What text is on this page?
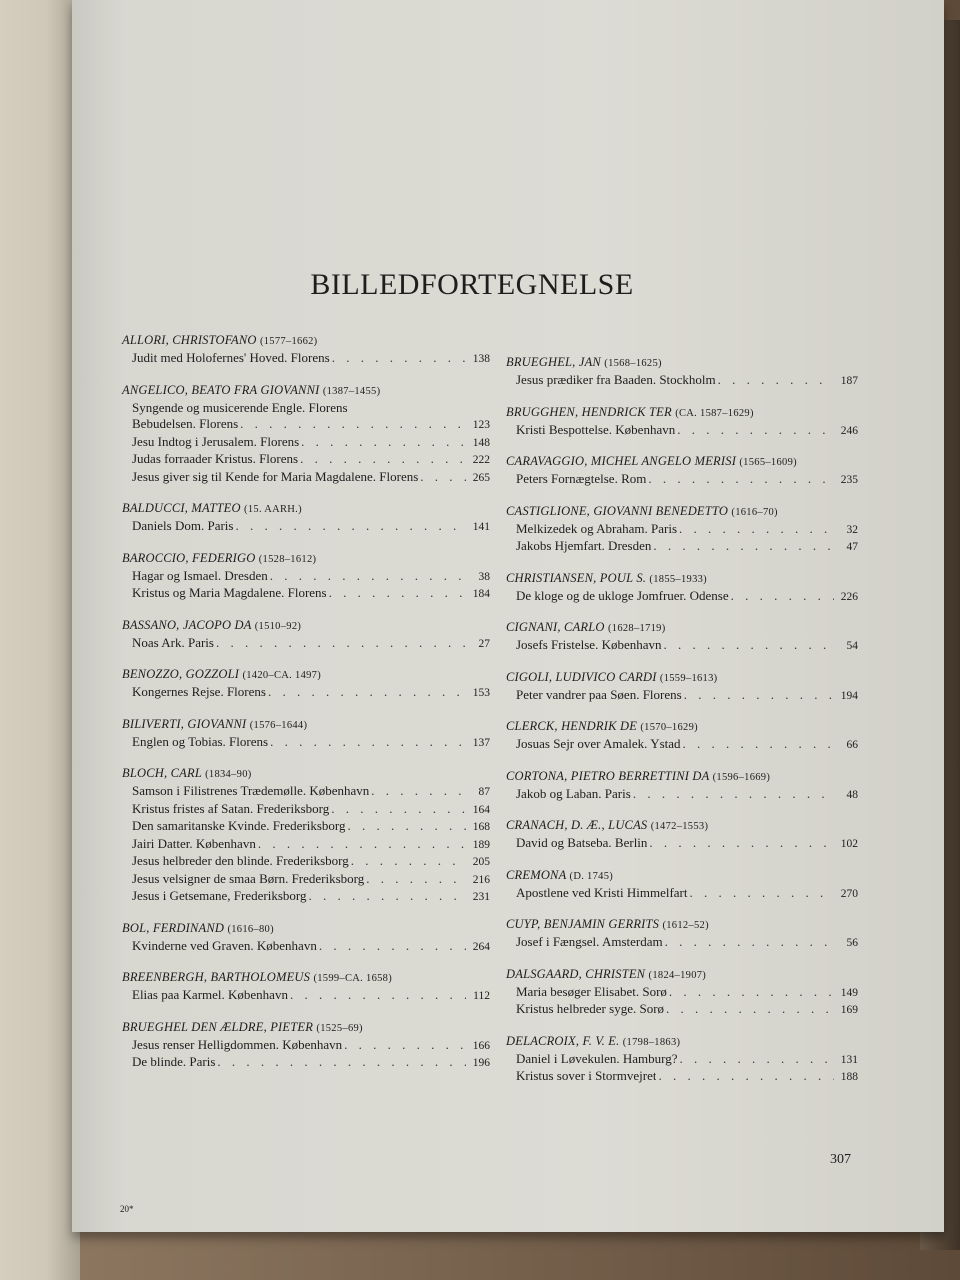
BILLEDFORTEGNELSE
ALLORI, CHRISTOFANO (1577–1662)
Judit med Holofernes' Hoved. Florens . . .	138
ANGELICO, BEATO FRA GIOVANNI (1387–1455)
Syngende og musicerende Engle. Florens
Bebudelsen. Florens . . .	123
Jesu Indtog i Jerusalem. Florens . . .	148
Judas forraader Kristus. Florens . . .	222
Jesus giver sig til Kende for Maria Magdalene. Florens . . .	265
BALDUCCI, MATTEO (15. AARH.)
Daniels Dom. Paris . . .	141
BAROCCIO, FEDERIGO (1528–1612)
Hagar og Ismael. Dresden . . .	38
Kristus og Maria Magdalene. Florens . . .	184
BASSANO, JACOPO DA (1510–92)
Noas Ark. Paris . . .	27
BENOZZO, GOZZOLI (1420–CA. 1497)
Kongernes Rejse. Florens . . .	153
BILIVERTI, GIOVANNI (1576–1644)
Englen og Tobias. Florens . . .	137
BLOCH, CARL (1834–90)
Samson i Filistrenes Trædemølle. København . . .	87
Kristus fristes af Satan. Frederiksborg . . .	164
Den samaritanske Kvinde. Frederiksborg . . .	168
Jairi Datter. København . . .	189
Jesus helbreder den blinde. Frederiksborg . . .	205
Jesus velsigner de smaa Børn. Frederiksborg . . .	216
Jesus i Getsemane, Frederiksborg . . .	231
BOL, FERDINAND (1616–80)
Kvinderne ved Graven. København . . .	264
BREENBERGH, BARTHOLOMEUS (1599–CA. 1658)
Elias paa Karmel. København . . .	112
BRUEGHEL DEN ÆLDRE, PIETER (1525–69)
Jesus renser Helligdommen. København . . .	166
De blinde. Paris . . .	196
BRUEGHEL, JAN (1568–1625)
Jesus prædiker fra Baaden. Stockholm . . .	187
BRUGGHEN, HENDRICK TER (CA. 1587–1629)
Kristi Bespottelse. København . . .	246
CARAVAGGIO, MICHEL ANGELO MERISI (1565–1609)
Peters Fornægtelse. Rom . . .	235
CASTIGLIONE, GIOVANNI BENEDETTO (1616–70)
Melkizedek og Abraham. Paris . . .	32
Jakobs Hjemfart. Dresden . . .	47
CHRISTIANSEN, POUL S. (1855–1933)
De kloge og de ukloge Jomfruer. Odense . . .	226
CIGNANI, CARLO (1628–1719)
Josefs Fristelse. København . . .	54
CIGOLI, LUDIVICO CARDI (1559–1613)
Peter vandrer paa Søen. Florens . . .	194
CLERCK, HENDRIK DE (1570–1629)
Josuas Sejr over Amalek. Ystad . . .	66
CORTONA, PIETRO BERRETTINI DA (1596–1669)
Jakob og Laban. Paris . . .	48
CRANACH, D. Æ., LUCAS (1472–1553)
David og Batseba. Berlin . . .	102
CREMONA (D. 1745)
Apostlene ved Kristi Himmelfart . . .	270
CUYP, BENJAMIN GERRITS (1612–52)
Josef i Fængsel. Amsterdam . . .	56
DALSGAARD, CHRISTEN (1824–1907)
Maria besøger Elisabet. Sorø . . .	149
Kristus helbreder syge. Sorø . . .	169
DELACROIX, F. V. E. (1798–1863)
Daniel i Løvekulen. Hamburg? . . .	131
Kristus sover i Stormvejret . . .	188
307
20*
